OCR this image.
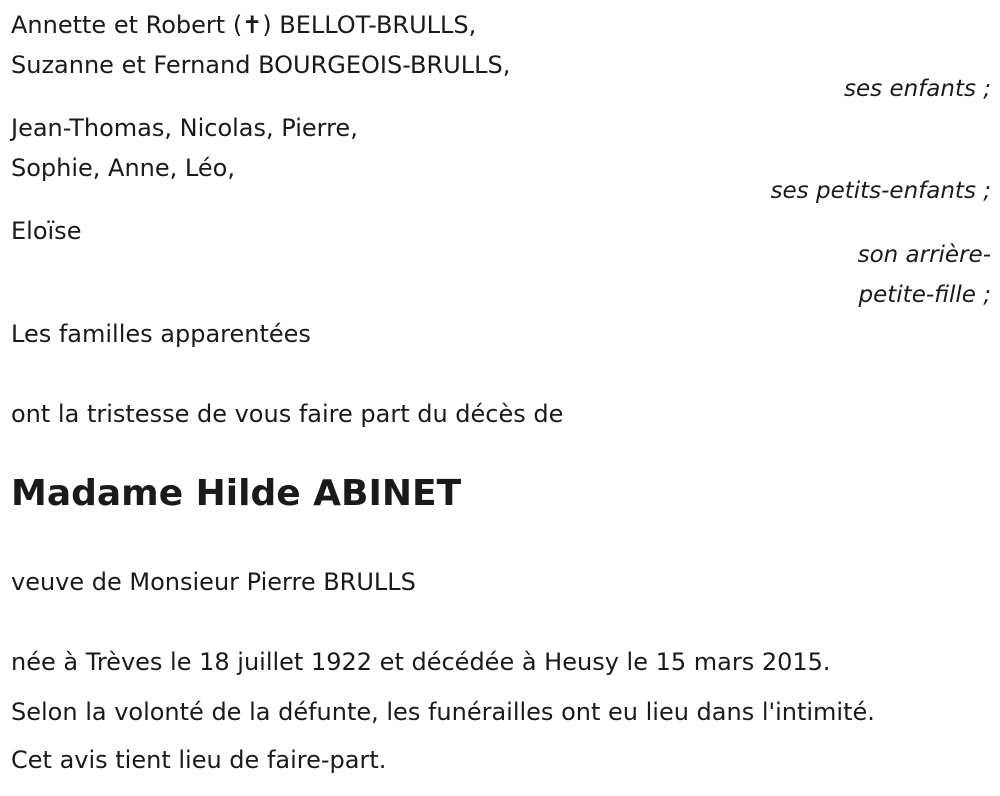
Annette et Robert (✝) BELLOT-BRULLS,
Suzanne et Fernand BOURGEOIS-BRULLS,
ses enfants ;
Jean-Thomas, Nicolas, Pierre,
Sophie, Anne, Léo,
ses petits-enfants ;
Eloïse
son arrière-
petite-fille ;
Les familles apparentées
ont la tristesse de vous faire part du décès de
Madame Hilde ABINET
veuve de Monsieur Pierre BRULLS
née à Trèves le 18 juillet 1922 et décédée à Heusy le 15 mars 2015.
Selon la volonté de la défunte, les funérailles ont eu lieu dans l'intimité.
Cet avis tient lieu de faire-part.
